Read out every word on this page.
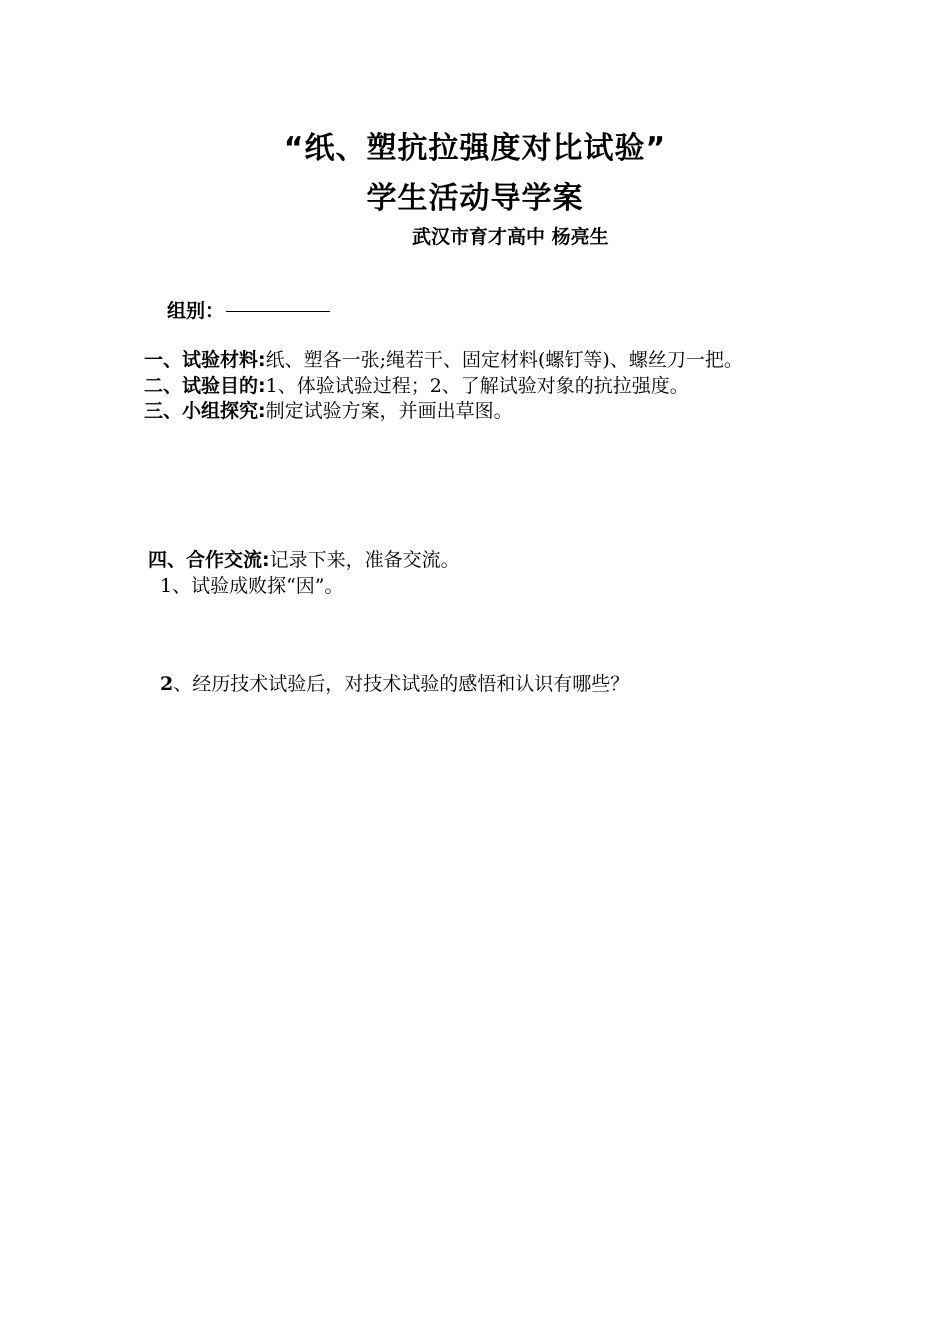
“纸、塑抗拉强度对比试验”
学生活动导学案
武汉市育才高中 杨亮生
组别：
一、试验材料:纸、塑各一张;绳若干、固定材料(螺钉等)、螺丝刀一把。
二、试验目的:1、体验试验过程；2、了解试验对象的抗拉强度。
三、小组探究:制定试验方案，并画出草图。
四、合作交流:记录下来，准备交流。
1、试验成败探“因”。
2、经历技术试验后，对技术试验的感悟和认识有哪些？
